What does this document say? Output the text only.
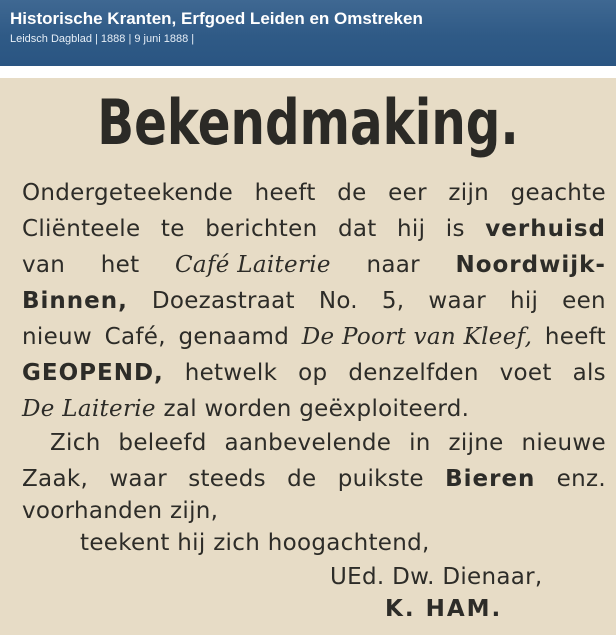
Historische Kranten, Erfgoed Leiden en Omstreken
Leidsch Dagblad | 1888 | 9 juni 1888 |
Bekendmaking.
Ondergeteekende heeft de eer zijn geachte
Cliënteele te berichten dat hij is verhuisd
van het Café Laiterie naar Noordwijk-
Binnen, Doezastraat No. 5, waar hij een
nieuw Café, genaamd De Poort van Kleef, heeft
GEOPEND, hetwelk op denzelfden voet als
De Laiterie zal worden geëxploiteerd.
Zich beleefd aanbevelende in zijne nieuwe
Zaak, waar steeds de puikste Bieren enz.
voorhanden zijn,
teekent hij zich hoogachtend,
UEd. Dw. Dienaar,
K. HAM.
